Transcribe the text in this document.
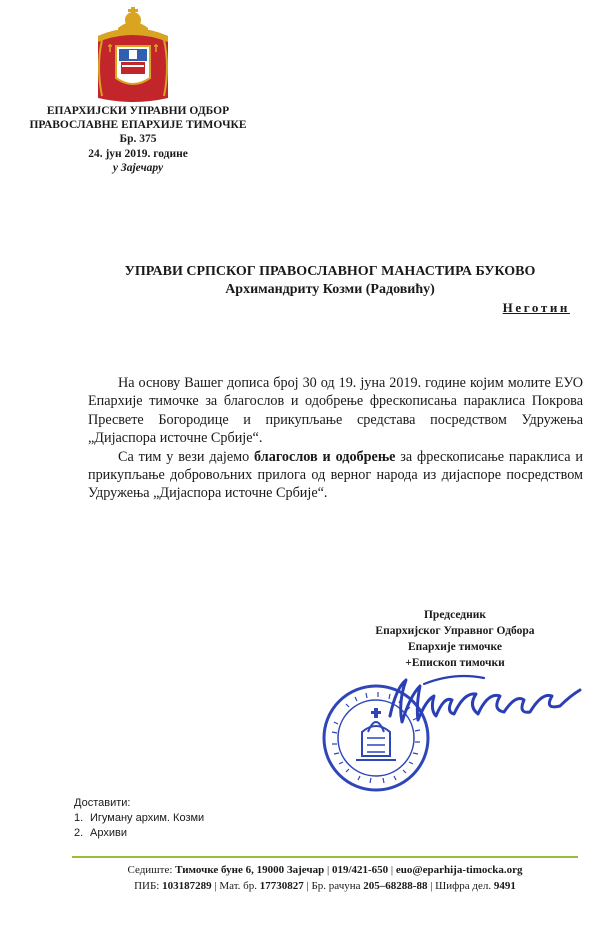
ЕПАРХИЈСКИ УПРАВНИ ОДБОР
ПРАВОСЛАВНЕ ЕПАРХИЈЕ ТИМОЧКЕ
Бр. 375
24. јун 2019. године
у Зајечару
УПРАВИ СРПСКОГ ПРАВОСЛАВНОГ МАНАСТИРА БУКОВО
Архимандриту Козми (Радовићу)
Неготин

На основу Вашег дописа број 30 од 19. јуна 2019. године којим молите ЕУО Епархије тимочке за благослов и одобрење фрескописања параклиса Покрова Пресвете Богородице и прикупљање средстава посредством Удружења „Дијаспора источне Србије“.

Са тим у вези дајемо благослов и одобрење за фрескописање параклиса и прикупљање добровољних прилога од верног народа из дијаспоре посредством Удружења „Дијаспора источне Србије“.

Председник
Епархијског Управног Одбора
Епархије тимочке
+Епископ тимочки
Доставити:
1. Игуману архим. Козми
2. Архиви
Седиште: Тимочке буне 6, 19000 Зајечар | 019/421-650 | euo@eparhija-timocka.org
ПИБ: 103187289 | Мат. бр. 17730827 | Бр. рачуна 205–68288-88 | Шифра дел. 9491
